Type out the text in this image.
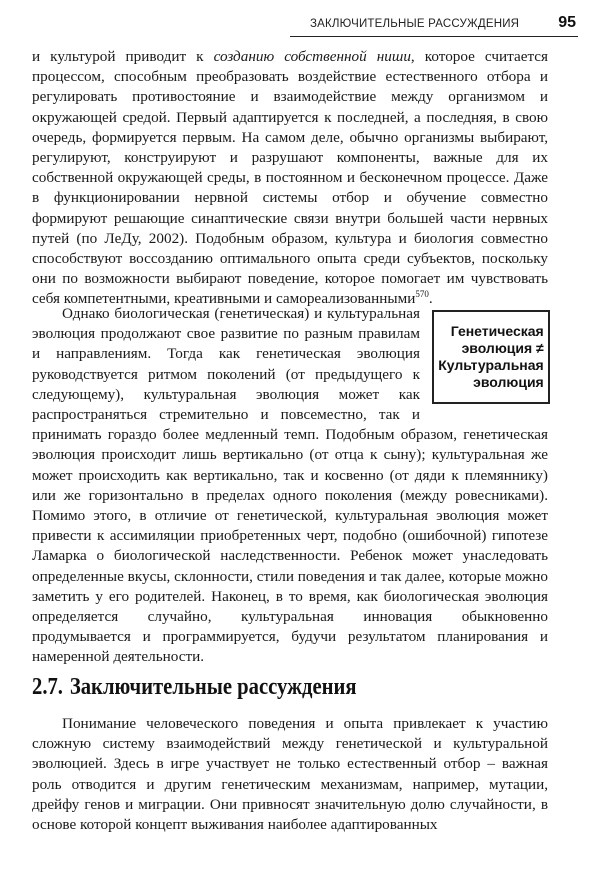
ЗАКЛЮЧИТЕЛЬНЫЕ РАССУЖДЕНИЯ 95

и культурой приводит к созданию собственной ниши, которое считается процессом, способным преобразовать воздействие естественного отбора и регулировать противостояние и взаимодействие между организмом и окружающей средой. Первый адаптируется к последней, а последняя, в свою очередь, формируется первым. На самом деле, обычно организмы выбирают, регулируют, конструируют и разрушают компоненты, важные для их собственной окружающей среды, в постоянном и бесконечном процессе. Даже в функционировании нервной системы отбор и обучение совместно формируют решающие синаптические связи внутри большей части нервных путей (по ЛеДу, 2002). Подобным образом, культура и биология совместно способствуют воссозданию оптимального опыта среди субъектов, поскольку они по возможности выбирают поведение, которое помогает им чувствовать себя компетентными, креативными и самореализованными$^{570}$.

Генетическая
эволюция ≠
Культуральная
эволюция

Однако биологическая (генетическая) и культуральная эволюция продолжают свое развитие по разным правилам и направлениям. Тогда как генетическая эволюция руководствуется ритмом поколений (от предыдущего к следующему), культуральная эволюция может как распространяться стремительно и повсеместно, так и принимать гораздо более медленный темп. Подобным образом, генетическая эволюция происходит лишь вертикально (от отца к сыну); культуральная же может происходить как вертикально, так и косвенно (от дяди к племяннику) или же горизонтально в пределах одного поколения (между ровесниками). Помимо этого, в отличие от генетической, культуральная эволюция может привести к ассимиляции приобретенных черт, подобно (ошибочной) гипотезе Ламарка о биологической наследственности. Ребенок может унаследовать определенные вкусы, склонности, стили поведения и так далее, которые можно заметить у его родителей. Наконец, в то время, как биологическая эволюция определяется случайно, культуральная инновация обыкновенно продумывается и программируется, будучи результатом планирования и намеренной деятельности.

2.7. Заключительные рассуждения

Понимание человеческого поведения и опыта привлекает к участию сложную систему взаимодействий между генетической и культуральной эволюцией. Здесь в игре участвует не только естественный отбор – важная роль отводится и другим генетическим механизмам, например, мутации, дрейфу генов и миграции. Они привносят значительную долю случайности, в основе которой концепт выживания наиболее адаптированных
